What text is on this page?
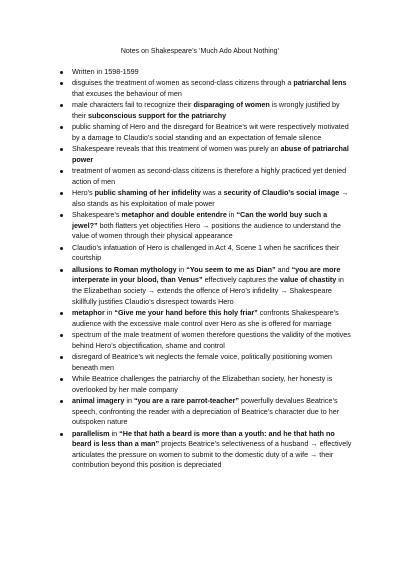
Notes on Shakespeare’s ‘Much Ado About Nothing’
Written in 1598-1599
disguises the treatment of women as second-class citizens through a patriarchal lens that excuses the behaviour of men
male characters fail to recognize their disparaging of women is wrongly justified by their subconscious support for the patriarchy
public shaming of Hero and the disregard for Beatrice’s wit were respectively motivated by a damage to Claudio’s social standing and an expectation of female silence
Shakespeare reveals that this treatment of women was purely an abuse of patriarchal power
treatment of women as second-class citizens is therefore a highly practiced yet denied action of men
Hero’s public shaming of her infidelity was a security of Claudio’s social image → also stands as his exploitation of male power
Shakespeare’s metaphor and double entendre in “Can the world buy such a jewel?” both flatters yet objectifies Hero → positions the audience to understand the value of women through their physical appearance
Claudio’s infatuation of Hero is challenged in Act 4, Scene 1 when he sacrifices their courtship
allusions to Roman mythology in “You seem to me as Dian” and “you are more interperate in your blood, than Venus” effectively captures the value of chastity in the Elizabethan society → extends the offence of Hero’s infidelity → Shakespeare skillfully justifies Claudio’s disrespect towards Hero
metaphor in “Give me your hand before this holy friar” confronts Shakespeare’s audience with the excessive male control over Hero as she is offered for marriage
spectrum of the male treatment of women therefore questions the validity of the motives behind Hero’s objectification, shame and control
disregard of Beatrice’s wit neglects the female voice, politically positioning women beneath men
While Beatrice challenges the patriarchy of the Elizabethan society, her honesty is overlooked by her male company
animal imagery in “you are a rare parrot-teacher” powerfully devalues Beatrice’s speech, confronting the reader with a depreciation of Beatrice’s character due to her outspoken nature
parallelism in “He that hath a beard is more than a youth: and he that hath no beard is less than a man” projects Beatrice’s selectiveness of a husband → effectively articulates the pressure on women to submit to the domestic duty of a wife → their contribution beyond this position is depreciated
